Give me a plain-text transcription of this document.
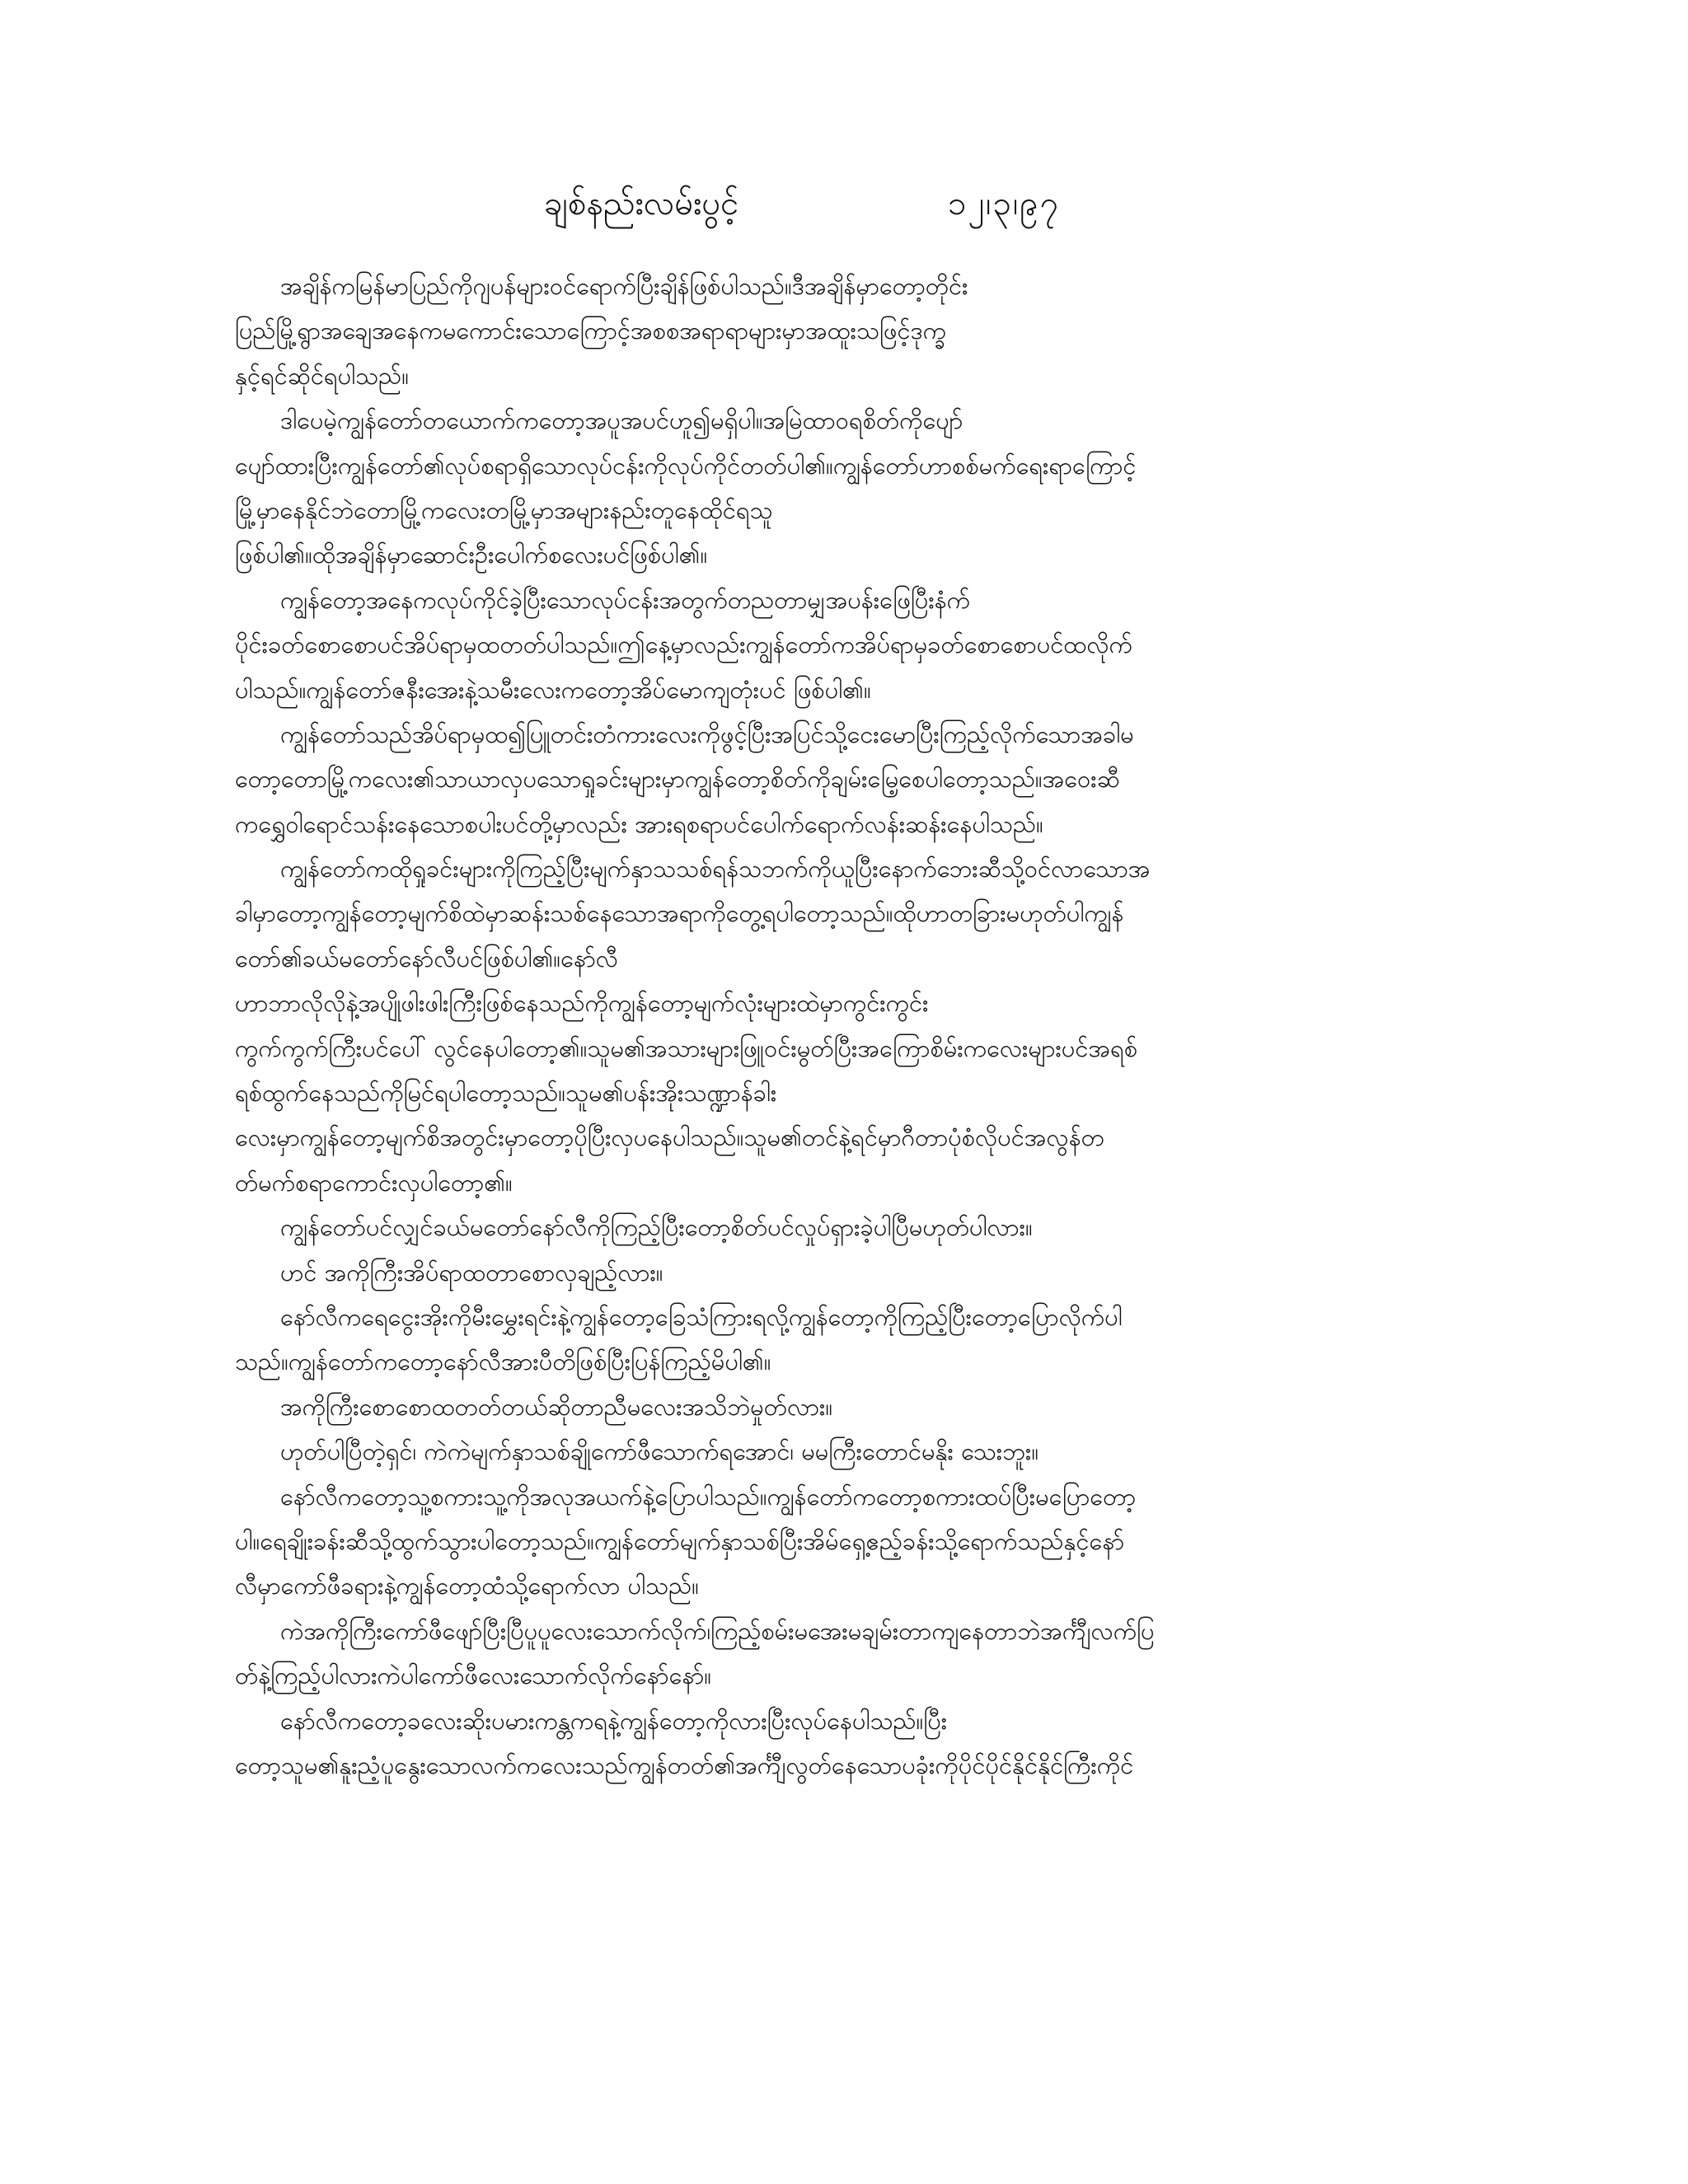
ချစ်နည်းလမ်းပွင့်	၁၂၊၃၊၉၇
အချိန်ကမြန်မာပြည်ကိုဂျပန်များဝင်ရောက်ပြီးချိန်ဖြစ်ပါသည်။ဒီအချိန်မှာတော့တိုင်း
ပြည်မြို့ရွာအချေအနေကမကောင်းသောကြောင့်အစစအရာရာများမှာအထူးသဖြင့်ဒုက္ခ
နှင့်ရင်ဆိုင်ရပါသည်။
ဒါပေမဲ့ကျွန်တော်တယောက်ကတော့အပူအပင်ဟူ၍မရှိပါ။အမြဲထာဝရစိတ်ကိုပျော်
ပျော်ထားပြီးကျွန်တော်၏လုပ်စရာရှိသောလုပ်ငန်းကိုလုပ်ကိုင်တတ်ပါ၏။ကျွန်တော်ဟာစစ်မက်ရေးရာကြောင့်
မြို့မှာနေနိုင်ဘဲတောမြို့ကလေးတမြို့မှာအများနည်းတူနေထိုင်ရသူ
ဖြစ်ပါ၏။ထိုအချိန်မှာဆောင်းဦးပေါက်စလေးပင်ဖြစ်ပါ၏။
ကျွန်တော့အနေကလုပ်ကိုင်ခဲ့ပြီးသောလုပ်ငန်းအတွက်တညတာမျှအပန်းဖြေပြီးနံက်
ပိုင်းခတ်စောစောပင်အိပ်ရာမှထတတ်ပါသည်။ဤနေ့မှာလည်းကျွန်တော်ကအိပ်ရာမှခတ်စောစောပင်ထလိုက်
ပါသည်။ကျွန်တော်ဇနီးအေးနဲ့သမီးလေးကတော့အိပ်မောကျတုံးပင် ဖြစ်ပါ၏။
ကျွန်တော်သည်အိပ်ရာမှထ၍ပြူတင်းတံကားလေးကိုဖွင့်ပြီးအပြင်သို့ငေးမောပြီးကြည့်လိုက်သောအခါမ
တော့တောမြို့ကလေး၏သာယာလှပသောရှုခင်းများမှာကျွန်တော့စိတ်ကိုချမ်းမြေ့စေပါတော့သည်။အဝေးဆီ
ကရွှေဝါရောင်သန်းနေသောစပါးပင်တို့မှာလည်း အားရစရာပင်ပေါက်ရောက်လန်းဆန်းနေပါသည်။
ကျွန်တော်ကထိုရှုခင်းများကိုကြည့်ပြီးမျက်နှာသသစ်ရန်သဘက်ကိုယူပြီးနောက်ဘေးဆီသို့ဝင်လာသောအ
ခါမှာတော့ကျွန်တော့မျက်စိထဲမှာဆန်းသစ်နေသောအရာကိုတွေ့ရပါတော့သည်။ထိုဟာတခြားမဟုတ်ပါကျွန်
တော်၏ခယ်မတော်နော်လီပင်ဖြစ်ပါ၏။နော်လီ
ဟာဘာလိုလိုနဲ့အပျိုဖါးဖါးကြီးဖြစ်နေသည်ကိုကျွန်တော့မျက်လုံးများထဲမှာကွင်းကွင်း
ကွက်ကွက်ကြီးပင်ပေါ် လွင်နေပါတော့၏။သူမ၏အသားများဖြူဝင်းမွတ်ပြီးအကြောစိမ်းကလေးများပင်အရစ်
ရစ်ထွက်နေသည်ကိုမြင်ရပါတော့သည်။သူမ၏ပန်းအိုးသဏ္ဍာန်ခါး
လေးမှာကျွန်တော့မျက်စိအတွင်းမှာတော့ပိုပြီးလှပနေပါသည်။သူမ၏တင်နဲ့ရင်မှာဂီတာပုံစံလိုပင်အလွန်တ
တ်မက်စရာကောင်းလှပါတော့၏။
ကျွန်တော်ပင်လျှင်ခယ်မတော်နော်လီကိုကြည့်ပြီးတော့စိတ်ပင်လှုပ်ရှားခဲ့ပါပြီမဟုတ်ပါလား။
ဟင် အကိုကြီးအိပ်ရာထတာစောလှချည့်လား။
နော်လီကရေငွေးအိုးကိုမီးမွှေးရင်းနဲ့ကျွန်တော့ခြေသံကြားရလို့ကျွန်တော့ကိုကြည့်ပြီးတော့ပြောလိုက်ပါ
သည်။ကျွန်တော်ကတော့နော်လီအားပီတိဖြစ်ပြီးပြန်ကြည့်မိပါ၏။
အကိုကြီးစောစောထတတ်တယ်ဆိုတာညီမလေးအသိဘဲမှုတ်လား။
ဟုတ်ပါပြီတဲ့ရှင်၊ ကဲကဲမျက်နှာသစ်ချိုကော်ဖီသောက်ရအောင်၊ မမကြီးတောင်မနိုး သေးဘူး။
နော်လီကတော့သူ့စကားသူ့ကိုအလုအယက်နဲ့ပြောပါသည်။ကျွန်တော်ကတော့စကားထပ်ပြီးမပြောတော့
ပါ။ရေချိုးခန်းဆီသို့ထွက်သွားပါတော့သည်။ကျွန်တော်မျက်နှာသစ်ပြီးအိမ်ရှေ့ဧည့်ခန်းသို့ရောက်သည်နှင့်နော်
လီမှာကော်ဖီခရားနဲ့ကျွန်တော့ထံသို့ရောက်လာ ပါသည်။
ကဲအကိုကြီးကော်ဖီဖျော်ပြီးပြီပူပူလေးသောက်လိုက်၊ကြည့်စမ်းမအေးမချမ်းတာကျနေတာဘဲအင်္ကျီလက်ပြ
တ်နဲ့ကြည့်ပါလားကဲပါကော်ဖီလေးသောက်လိုက်နော်နော်။
နော်လီကတော့ခလေးဆိုးပမားကန္တကရနဲ့ကျွန်တော့ကိုလားပြီးလုပ်နေပါသည်။ပြီး
တော့သူမ၏နူးညံ့ပူနွေးသောလက်ကလေးသည်ကျွန်တတ်၏အင်္ကျီလွတ်နေသောပခုံးကိုပိုင်ပိုင်နိုင်နိုင်ကြီးကိုင်
